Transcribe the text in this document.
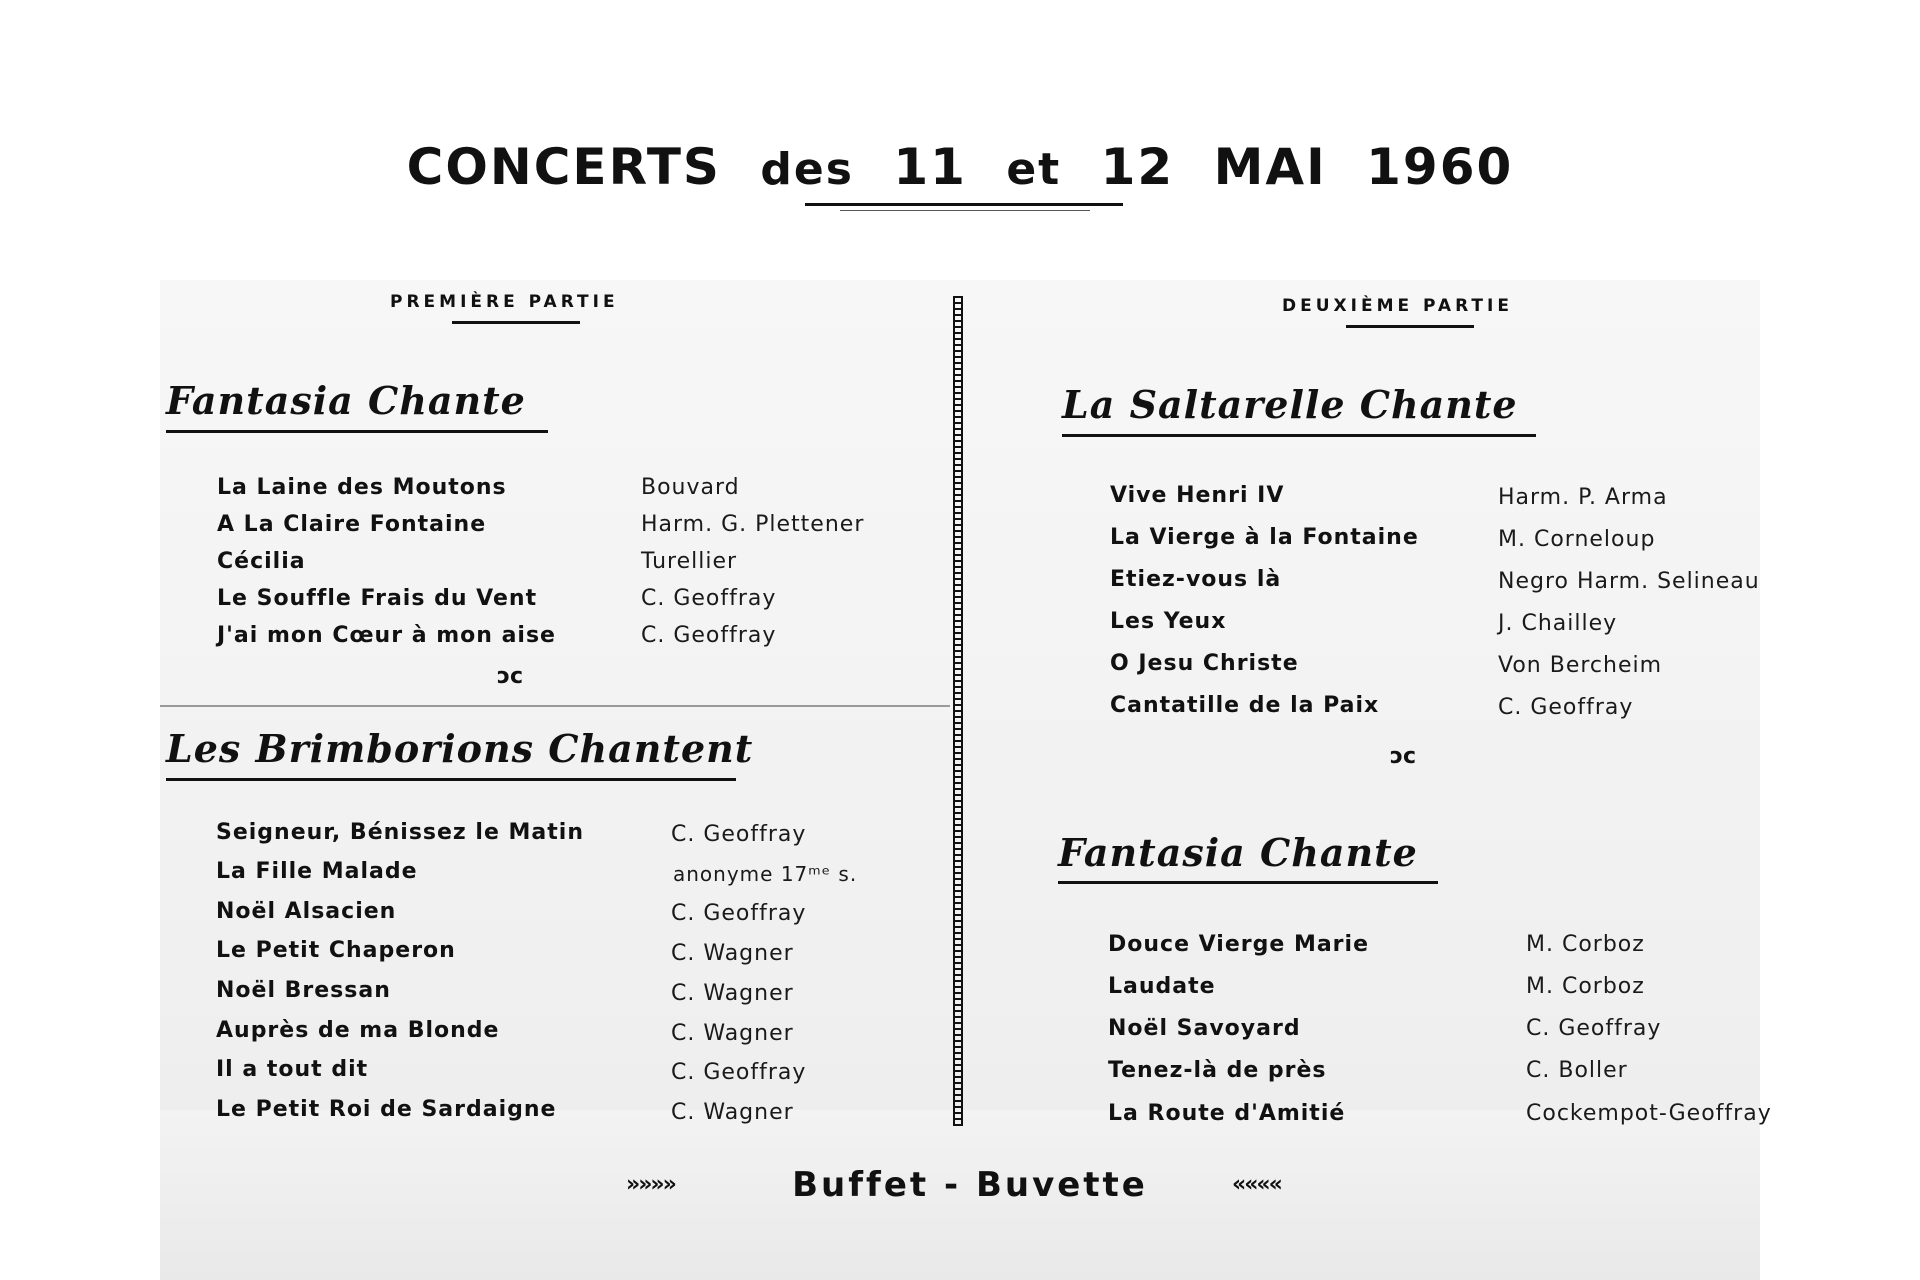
CONCERTS des 11 et 12 MAI 1960
PREMIÈRE PARTIE	DEUXIÈME PARTIE
Fantasia Chante
La Laine des Moutons	Bouvard
A La Claire Fontaine	Harm. G. Plettener
Cécilia	Turellier
Le Souffle Frais du Vent	C. Geoffray
J'ai mon Cœur à mon aise	C. Geoffray
ɔc
Les Brimborions Chantent
Seigneur, Bénissez le Matin	C. Geoffray
La Fille Malade	anonyme 17ᵐᵉ s.
Noël Alsacien	C. Geoffray
Le Petit Chaperon	C. Wagner
Noël Bressan	C. Wagner
Auprès de ma Blonde	C. Wagner
Il a tout dit	C. Geoffray
Le Petit Roi de Sardaigne	C. Wagner
La Saltarelle Chante
Vive Henri IV	Harm. P. Arma
La Vierge à la Fontaine	M. Corneloup
Etiez-vous là	Negro Harm. Selineau
Les Yeux	J. Chailley
O Jesu Christe	Von Bercheim
Cantatille de la Paix	C. Geoffray
ɔc
Fantasia Chante
Douce Vierge Marie	M. Corboz
Laudate	M. Corboz
Noël Savoyard	C. Geoffray
Tenez-là de près	C. Boller
La Route d'Amitié	Cockempot-Geoffray
»»»»	Buffet - Buvette	««««
